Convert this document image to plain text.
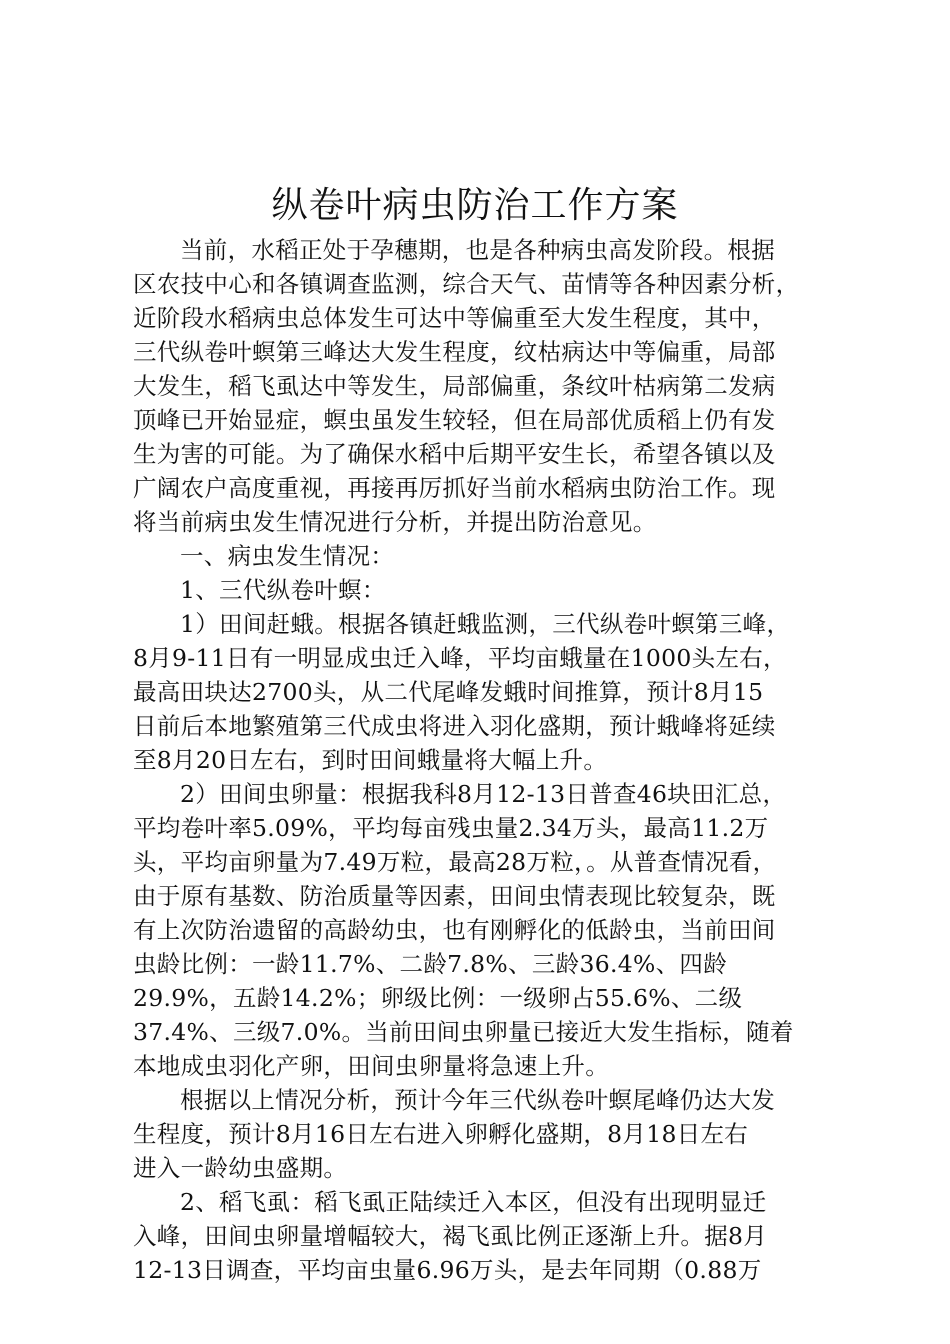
纵卷叶病虫防治工作方案
当前，水稻正处于孕穗期，也是各种病虫高发阶段。根据
区农技中心和各镇调查监测，综合天气、苗情等各种因素分析，
近阶段水稻病虫总体发生可达中等偏重至大发生程度，其中，
三代纵卷叶螟第三峰达大发生程度，纹枯病达中等偏重，局部
大发生，稻飞虱达中等发生，局部偏重，条纹叶枯病第二发病
顶峰已开始显症，螟虫虽发生较轻，但在局部优质稻上仍有发
生为害的可能。为了确保水稻中后期平安生长，希望各镇以及
广阔农户高度重视，再接再厉抓好当前水稻病虫防治工作。现
将当前病虫发生情况进行分析，并提出防治意见。
一、病虫发生情况：
1、三代纵卷叶螟：
1）田间赶蛾。根据各镇赶蛾监测，三代纵卷叶螟第三峰，
8月9-11日有一明显成虫迁入峰，平均亩蛾量在1000头左右，
最高田块达2700头，从二代尾峰发蛾时间推算，预计8月15
日前后本地繁殖第三代成虫将进入羽化盛期，预计蛾峰将延续
至8月20日左右，到时田间蛾量将大幅上升。
2）田间虫卵量：根据我科8月12-13日普查46块田汇总，
平均卷叶率5.09%，平均每亩残虫量2.34万头，最高11.2万
头，平均亩卵量为7.49万粒，最高28万粒，。从普查情况看，
由于原有基数、防治质量等因素，田间虫情表现比较复杂，既
有上次防治遗留的高龄幼虫，也有刚孵化的低龄虫，当前田间
虫龄比例：一龄11.7%、二龄7.8%、三龄36.4%、四龄
29.9%，五龄14.2%；卵级比例：一级卵占55.6%、二级
37.4%、三级7.0%。当前田间虫卵量已接近大发生指标，随着
本地成虫羽化产卵，田间虫卵量将急速上升。
根据以上情况分析，预计今年三代纵卷叶螟尾峰仍达大发
生程度，预计8月16日左右进入卵孵化盛期，8月18日左右
进入一龄幼虫盛期。
2、稻飞虱：稻飞虱正陆续迁入本区，但没有出现明显迁
入峰，田间虫卵量增幅较大，褐飞虱比例正逐渐上升。据8月
12-13日调查，平均亩虫量6.96万头，是去年同期（0.88万
